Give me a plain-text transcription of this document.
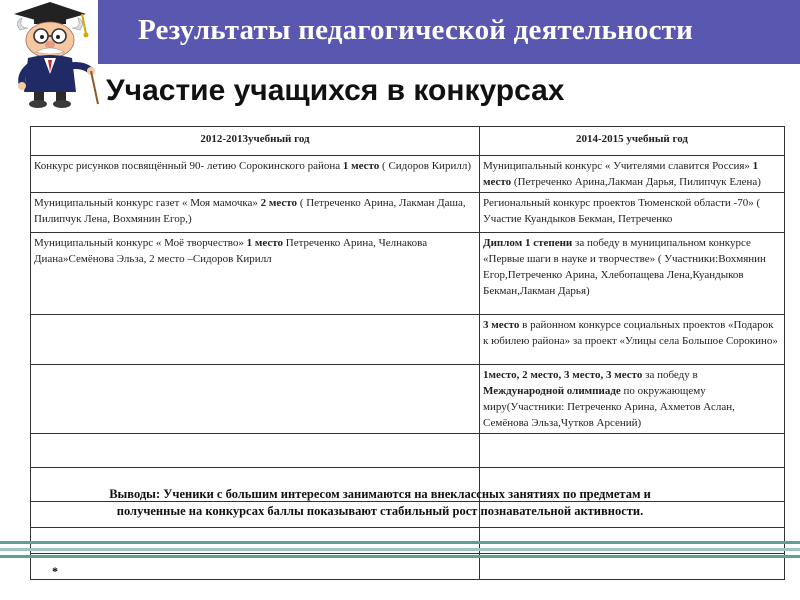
Результаты педагогической деятельности
Участие учащихся в конкурсах
2012-2013учебный год	2014-2015 учебный год
Конкурс рисунков посвящённый 90- летию Сорокинского района 1 место ( Сидоров Кирилл)	Муниципальный конкурс « Учителями славится Россия» 1 место (Петреченко Арина,Лакман Дарья, Пилипчук Елена)
Муниципальный конкурс газет « Моя мамочка» 2 место ( Петреченко Арина, Лакман Даша, Пилипчук Лена, Вохмянин Егор,)	Региональный конкурс проектов Тюменской области -70» ( Участие Куандыков Бекман, Петреченко
Муниципальный конкурс « Моё творчество» 1 место Петреченко Арина, Челнакова Диана»Семёнова Эльза, 2 место –Сидоров Кирилл	Диплом 1 степени за победу в муниципальном конкурсе «Первые шаги в науке и творчестве» ( Участники:Вохмянин Егор,Петреченко Арина, Хлебопащева Лена,Куандыков Бекман,Лакман Дарья)
	3 место в районном конкурсе социальных проектов «Подарок к юбилею района» за проект «Улицы села Большое Сорокино»
	1место, 2 место, 3 место, 3 место за победу в Международной олимпиаде по окружающему миру(Участники: Петреченко Арина, Ахметов Аслан, Семёнова Эльза,Чутков Арсений)

Выводы: Ученики с большим интересом занимаются на внеклассных занятиях по предметам и полученные на конкурсах баллы показывают стабильный рост познавательной активности.
*
